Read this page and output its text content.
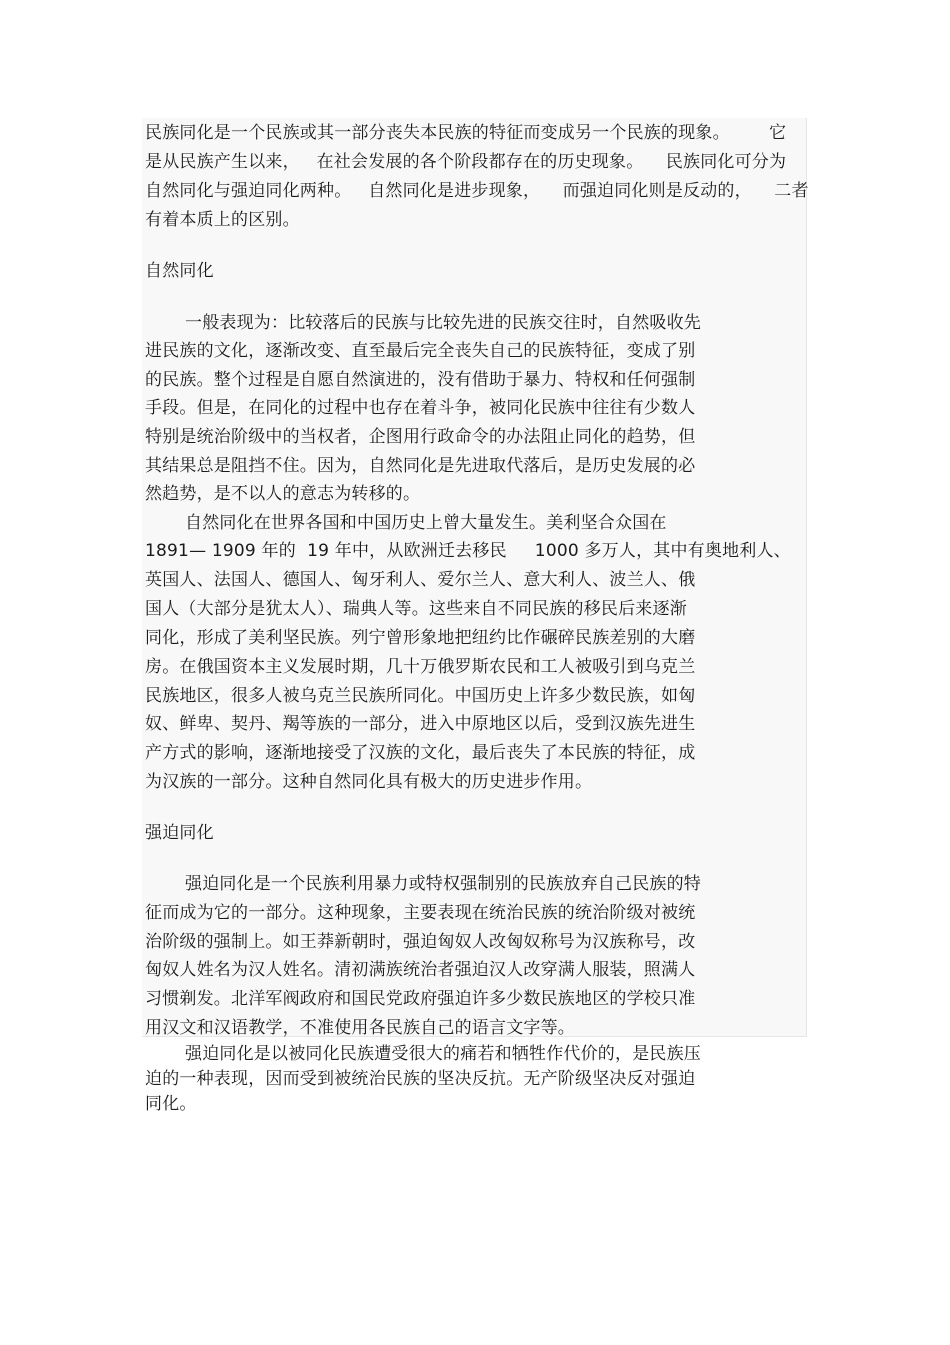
民族同化是一个民族或其一部分丧失本民族的特征而变成另一个民族的现象。       它
是从民族产生以来，   在社会发展的各个阶段都存在的历史现象。    民族同化可分为
自然同化与强迫同化两种。   自然同化是进步现象，    而强迫同化则是反动的，    二者
有着本质上的区别。
自然同化
一般表现为：比较落后的民族与比较先进的民族交往时，自然吸收先
进民族的文化，逐渐改变、直至最后完全丧失自己的民族特征，变成了别
的民族。整个过程是自愿自然演进的，没有借助于暴力、特权和任何强制
手段。但是，在同化的过程中也存在着斗争，被同化民族中往往有少数人
特别是统治阶级中的当权者，企图用行政命令的办法阻止同化的趋势，但
其结果总是阻挡不住。因为，自然同化是先进取代落后，是历史发展的必
然趋势，是不以人的意志为转移的。
自然同化在世界各国和中国历史上曾大量发生。美利坚合众国在
1891— 1909 年的  19 年中，从欧洲迁去移民     1000 多万人，其中有奥地利人、
英国人、法国人、德国人、匈牙利人、爱尔兰人、意大利人、波兰人、俄
国人（大部分是犹太人）、瑞典人等。这些来自不同民族的移民后来逐渐
同化，形成了美利坚民族。列宁曾形象地把纽约比作碾碎民族差别的大磨
房。在俄国资本主义发展时期，几十万俄罗斯农民和工人被吸引到乌克兰
民族地区，很多人被乌克兰民族所同化。中国历史上许多少数民族，如匈
奴、鲜卑、契丹、羯等族的一部分，进入中原地区以后，受到汉族先进生
产方式的影响，逐渐地接受了汉族的文化，最后丧失了本民族的特征，成
为汉族的一部分。这种自然同化具有极大的历史进步作用。
强迫同化
强迫同化是一个民族利用暴力或特权强制别的民族放弃自己民族的特
征而成为它的一部分。这种现象，主要表现在统治民族的统治阶级对被统
治阶级的强制上。如王莽新朝时，强迫匈奴人改匈奴称号为汉族称号，改
匈奴人姓名为汉人姓名。清初满族统治者强迫汉人改穿满人服装，照满人
习惯剃发。北洋军阀政府和国民党政府强迫许多少数民族地区的学校只准
用汉文和汉语教学，不准使用各民族自己的语言文字等。
强迫同化是以被同化民族遭受很大的痛若和牺牲作代价的，是民族压
迫的一种表现，因而受到被统治民族的坚决反抗。无产阶级坚决反对强迫
同化。
